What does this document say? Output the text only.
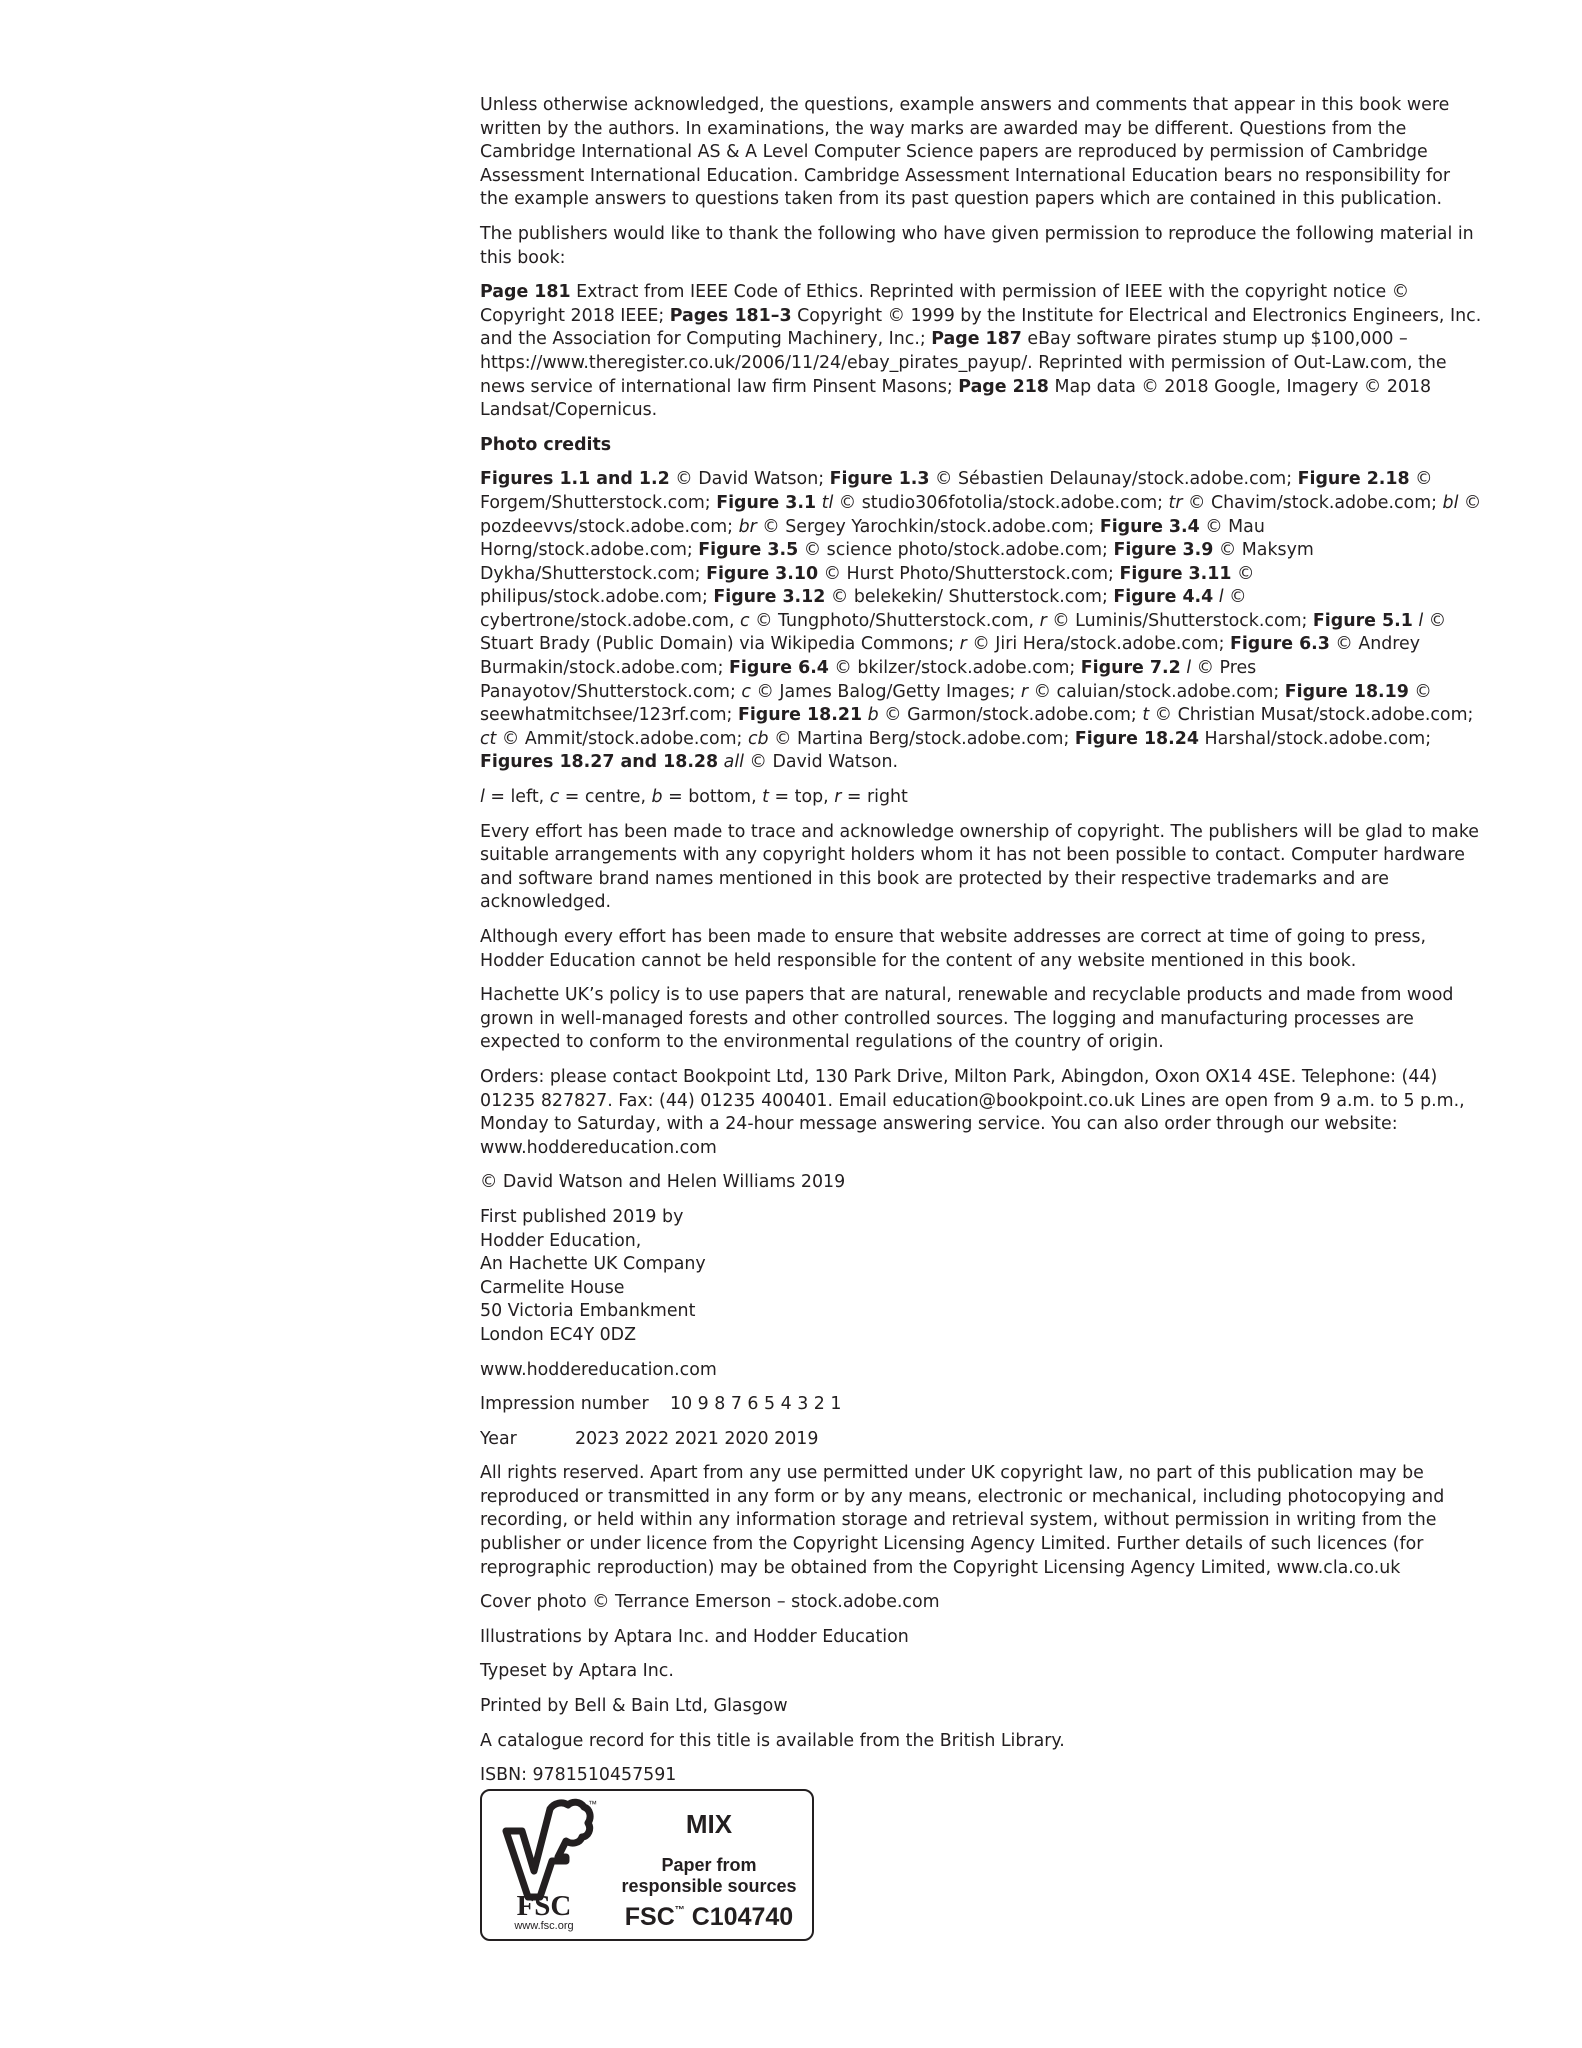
Unless otherwise acknowledged, the questions, example answers and comments that appear in this book were written by the authors. In examinations, the way marks are awarded may be different. Questions from the Cambridge International AS & A Level Computer Science papers are reproduced by permission of Cambridge Assessment International Education. Cambridge Assessment International Education bears no responsibility for the example answers to questions taken from its past question papers which are contained in this publication.

The publishers would like to thank the following who have given permission to reproduce the following material in this book:

Page 181 Extract from IEEE Code of Ethics. Reprinted with permission of IEEE with the copyright notice © Copyright 2018 IEEE; Pages 181–3 Copyright © 1999 by the Institute for Electrical and Electronics Engineers, Inc. and the Association for Computing Machinery, Inc.; Page 187 eBay software pirates stump up $100,000 – https://www.theregister.co.uk/2006/11/24/ebay_pirates_payup/. Reprinted with permission of Out-Law.com, the news service of international law firm Pinsent Masons; Page 218 Map data © 2018 Google, Imagery © 2018 Landsat/Copernicus.

Photo credits

Figures 1.1 and 1.2 © David Watson; Figure 1.3 © Sébastien Delaunay/stock.adobe.com; Figure 2.18 © Forgem/Shutterstock.com; Figure 3.1 tl © studio306fotolia/stock.adobe.com; tr © Chavim/stock.adobe.com; bl © pozdeevvs/stock.adobe.com; br © Sergey Yarochkin/stock.adobe.com; Figure 3.4 © Mau Horng/stock.adobe.com; Figure 3.5 © science photo/stock.adobe.com; Figure 3.9 © Maksym Dykha/Shutterstock.com; Figure 3.10 © Hurst Photo/Shutterstock.com; Figure 3.11 © philipus/stock.adobe.com; Figure 3.12 © belekekin/ Shutterstock.com; Figure 4.4 l © cybertrone/stock.adobe.com, c © Tungphoto/Shutterstock.com, r © Luminis/Shutterstock.com; Figure 5.1 l © Stuart Brady (Public Domain) via Wikipedia Commons; r © Jiri Hera/stock.adobe.com; Figure 6.3 © Andrey Burmakin/stock.adobe.com; Figure 6.4 © bkilzer/stock.adobe.com; Figure 7.2 l © Pres Panayotov/Shutterstock.com; c © James Balog/Getty Images; r © caluian/stock.adobe.com; Figure 18.19 © seewhatmitchsee/123rf.com; Figure 18.21 b © Garmon/stock.adobe.com; t © Christian Musat/stock.adobe.com; ct © Ammit/stock.adobe.com; cb © Martina Berg/stock.adobe.com; Figure 18.24 Harshal/stock.adobe.com; Figures 18.27 and 18.28 all © David Watson.

l = left, c = centre, b = bottom, t = top, r = right

Every effort has been made to trace and acknowledge ownership of copyright. The publishers will be glad to make suitable arrangements with any copyright holders whom it has not been possible to contact. Computer hardware and software brand names mentioned in this book are protected by their respective trademarks and are acknowledged.

Although every effort has been made to ensure that website addresses are correct at time of going to press, Hodder Education cannot be held responsible for the content of any website mentioned in this book.

Hachette UK’s policy is to use papers that are natural, renewable and recyclable products and made from wood grown in well-managed forests and other controlled sources. The logging and manufacturing processes are expected to conform to the environmental regulations of the country of origin.

Orders: please contact Bookpoint Ltd, 130 Park Drive, Milton Park, Abingdon, Oxon OX14 4SE. Telephone: (44) 01235 827827. Fax: (44) 01235 400401. Email education@bookpoint.co.uk Lines are open from 9 a.m. to 5 p.m., Monday to Saturday, with a 24-hour message answering service. You can also order through our website: www.hoddereducation.com

© David Watson and Helen Williams 2019

First published 2019 by
Hodder Education,
An Hachette UK Company
Carmelite House
50 Victoria Embankment
London EC4Y 0DZ

www.hoddereducation.com

Impression number	10 9 8 7 6 5 4 3 2 1

Year	2023 2022 2021 2020 2019

All rights reserved. Apart from any use permitted under UK copyright law, no part of this publication may be reproduced or transmitted in any form or by any means, electronic or mechanical, including photocopying and recording, or held within any information storage and retrieval system, without permission in writing from the publisher or under licence from the Copyright Licensing Agency Limited. Further details of such licences (for reprographic reproduction) may be obtained from the Copyright Licensing Agency Limited, www.cla.co.uk

Cover photo © Terrance Emerson – stock.adobe.com

Illustrations by Aptara Inc. and Hodder Education

Typeset by Aptara Inc.

Printed by Bell & Bain Ltd, Glasgow

A catalogue record for this title is available from the British Library.

ISBN: 9781510457591

™
FSC
www.fsc.org
MIX
Paper from
responsible sources
FSC™ C104740
